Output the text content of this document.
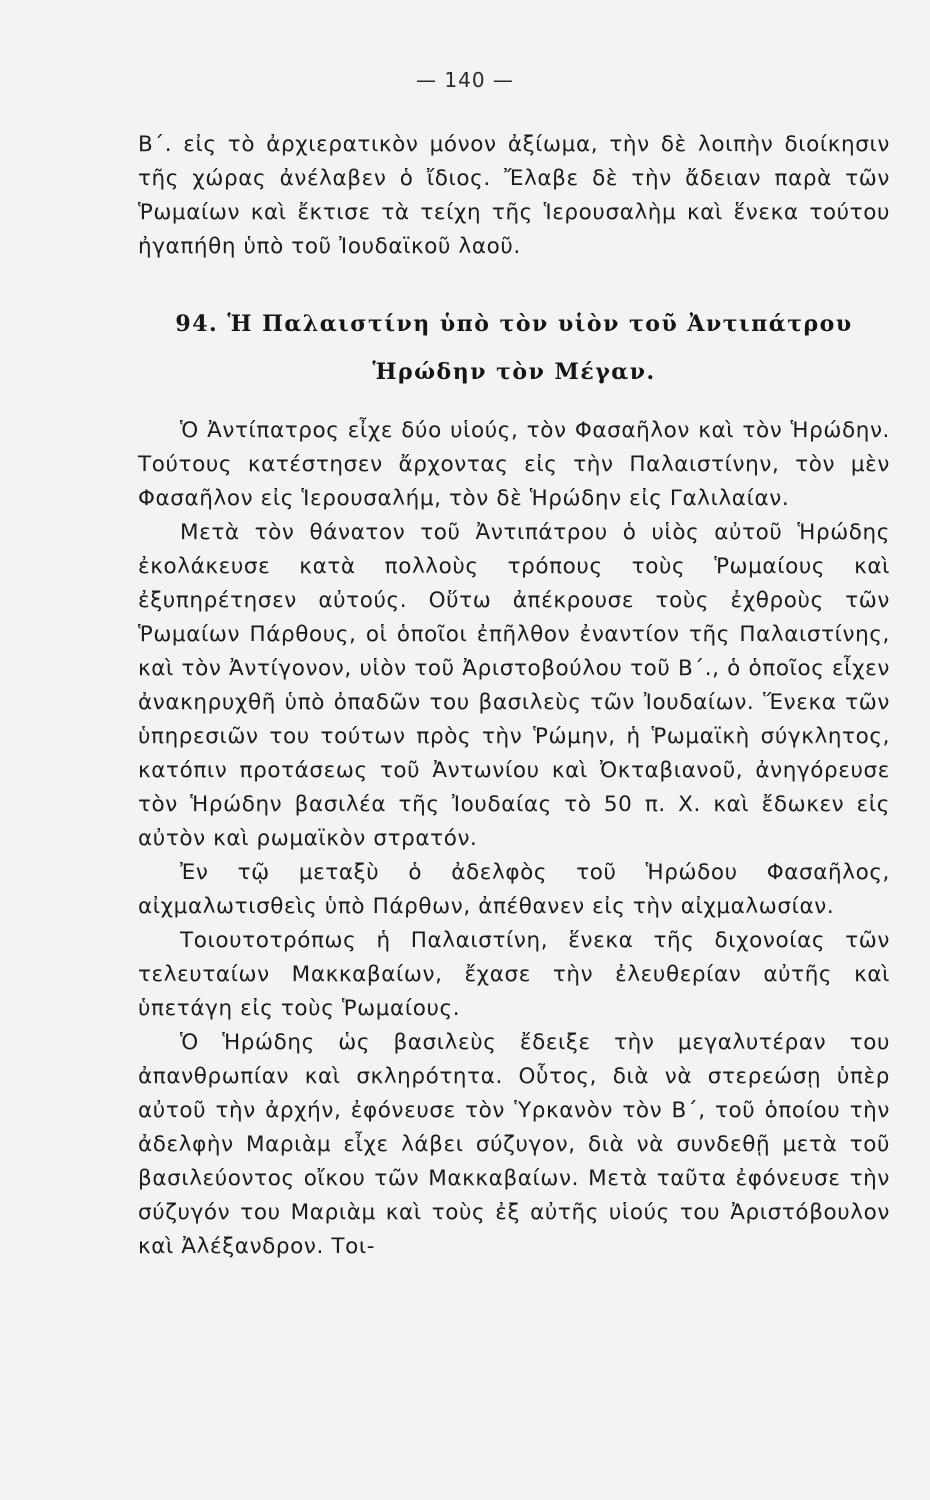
— 140 —
Β΄. εἰς τὸ ἀρχιερατικὸν μόνον ἀξίωμα, τὴν δὲ λοιπὴν διοίκησιν τῆς χώρας ἀνέλαβεν ὁ ἴδιος. Ἔλαβε δὲ τὴν ἄδειαν παρὰ τῶν Ῥωμαίων καὶ ἔκτισε τὰ τείχη τῆς Ἱερουσαλὴμ καὶ ἕνεκα τούτου ἠγαπήθη ὑπὸ τοῦ Ἰουδαϊκοῦ λαοῦ.
94. Ἡ Παλαιστίνη ὑπὸ τὸν υἱὸν τοῦ Ἀντιπάτρου
Ἡρώδην τὸν Μέγαν.

Ὁ Ἀντίπατρος εἶχε δύο υἱούς, τὸν Φασαῆλον καὶ τὸν Ἡρώδην. Τούτους κατέστησεν ἄρχοντας εἰς τὴν Παλαιστίνην, τὸν μὲν Φασαῆλον εἰς Ἱερουσαλήμ, τὸν δὲ Ἡρώδην εἰς Γαλιλαίαν.

Μετὰ τὸν θάνατον τοῦ Ἀντιπάτρου ὁ υἱὸς αὐτοῦ Ἡρώδης ἐκολάκευσε κατὰ πολλοὺς τρόπους τοὺς Ῥωμαίους καὶ ἐξυπηρέτησεν αὐτούς. Οὕτω ἀπέκρουσε τοὺς ἐχθροὺς τῶν Ῥωμαίων Πάρθους, οἱ ὁποῖοι ἐπῆλθον ἐναντίον τῆς Παλαιστίνης, καὶ τὸν Ἀντίγονον, υἱὸν τοῦ Ἀριστοβούλου τοῦ Β΄., ὁ ὁποῖος εἶχεν ἀνακηρυχθῆ ὑπὸ ὀπαδῶν του βασιλεὺς τῶν Ἰουδαίων. Ἕνεκα τῶν ὑπηρεσιῶν του τούτων πρὸς τὴν Ῥώμην, ἡ Ῥωμαϊκὴ σύγκλητος, κατόπιν προτάσεως τοῦ Ἀντωνίου καὶ Ὀκταβιανοῦ, ἀνηγόρευσε τὸν Ἡρώδην βασιλέα τῆς Ἰουδαίας τὸ 50 π. Χ. καὶ ἔδωκεν εἰς αὐτὸν καὶ ρωμαϊκὸν στρατόν.

Ἐν τῷ μεταξὺ ὁ ἀδελφὸς τοῦ Ἡρώδου Φασαῆλος, αἰχμαλωτισθεὶς ὑπὸ Πάρθων, ἀπέθανεν εἰς τὴν αἰχμαλωσίαν.

Τοιουτοτρόπως ἡ Παλαιστίνη, ἕνεκα τῆς διχονοίας τῶν τελευταίων Μακκαβαίων, ἔχασε τὴν ἐλευθερίαν αὐτῆς καὶ ὑπετάγη εἰς τοὺς Ῥωμαίους.

Ὁ Ἡρώδης ὡς βασιλεὺς ἔδειξε τὴν μεγαλυτέραν του ἀπανθρωπίαν καὶ σκληρότητα. Οὗτος, διὰ νὰ στερεώσῃ ὑπὲρ αὐτοῦ τὴν ἀρχήν, ἐφόνευσε τὸν Ὑρκανὸν τὸν Β΄, τοῦ ὁποίου τὴν ἀδελφὴν Μαριὰμ εἶχε λάβει σύζυγον, διὰ νὰ συνδεθῇ μετὰ τοῦ βασιλεύοντος οἴκου τῶν Μακκαβαίων. Μετὰ ταῦτα ἐφόνευσε τὴν σύζυγόν του Μαριὰμ καὶ τοὺς ἐξ αὐτῆς υἱούς του Ἀριστόβουλον καὶ Ἀλέξανδρον. Τοι-
